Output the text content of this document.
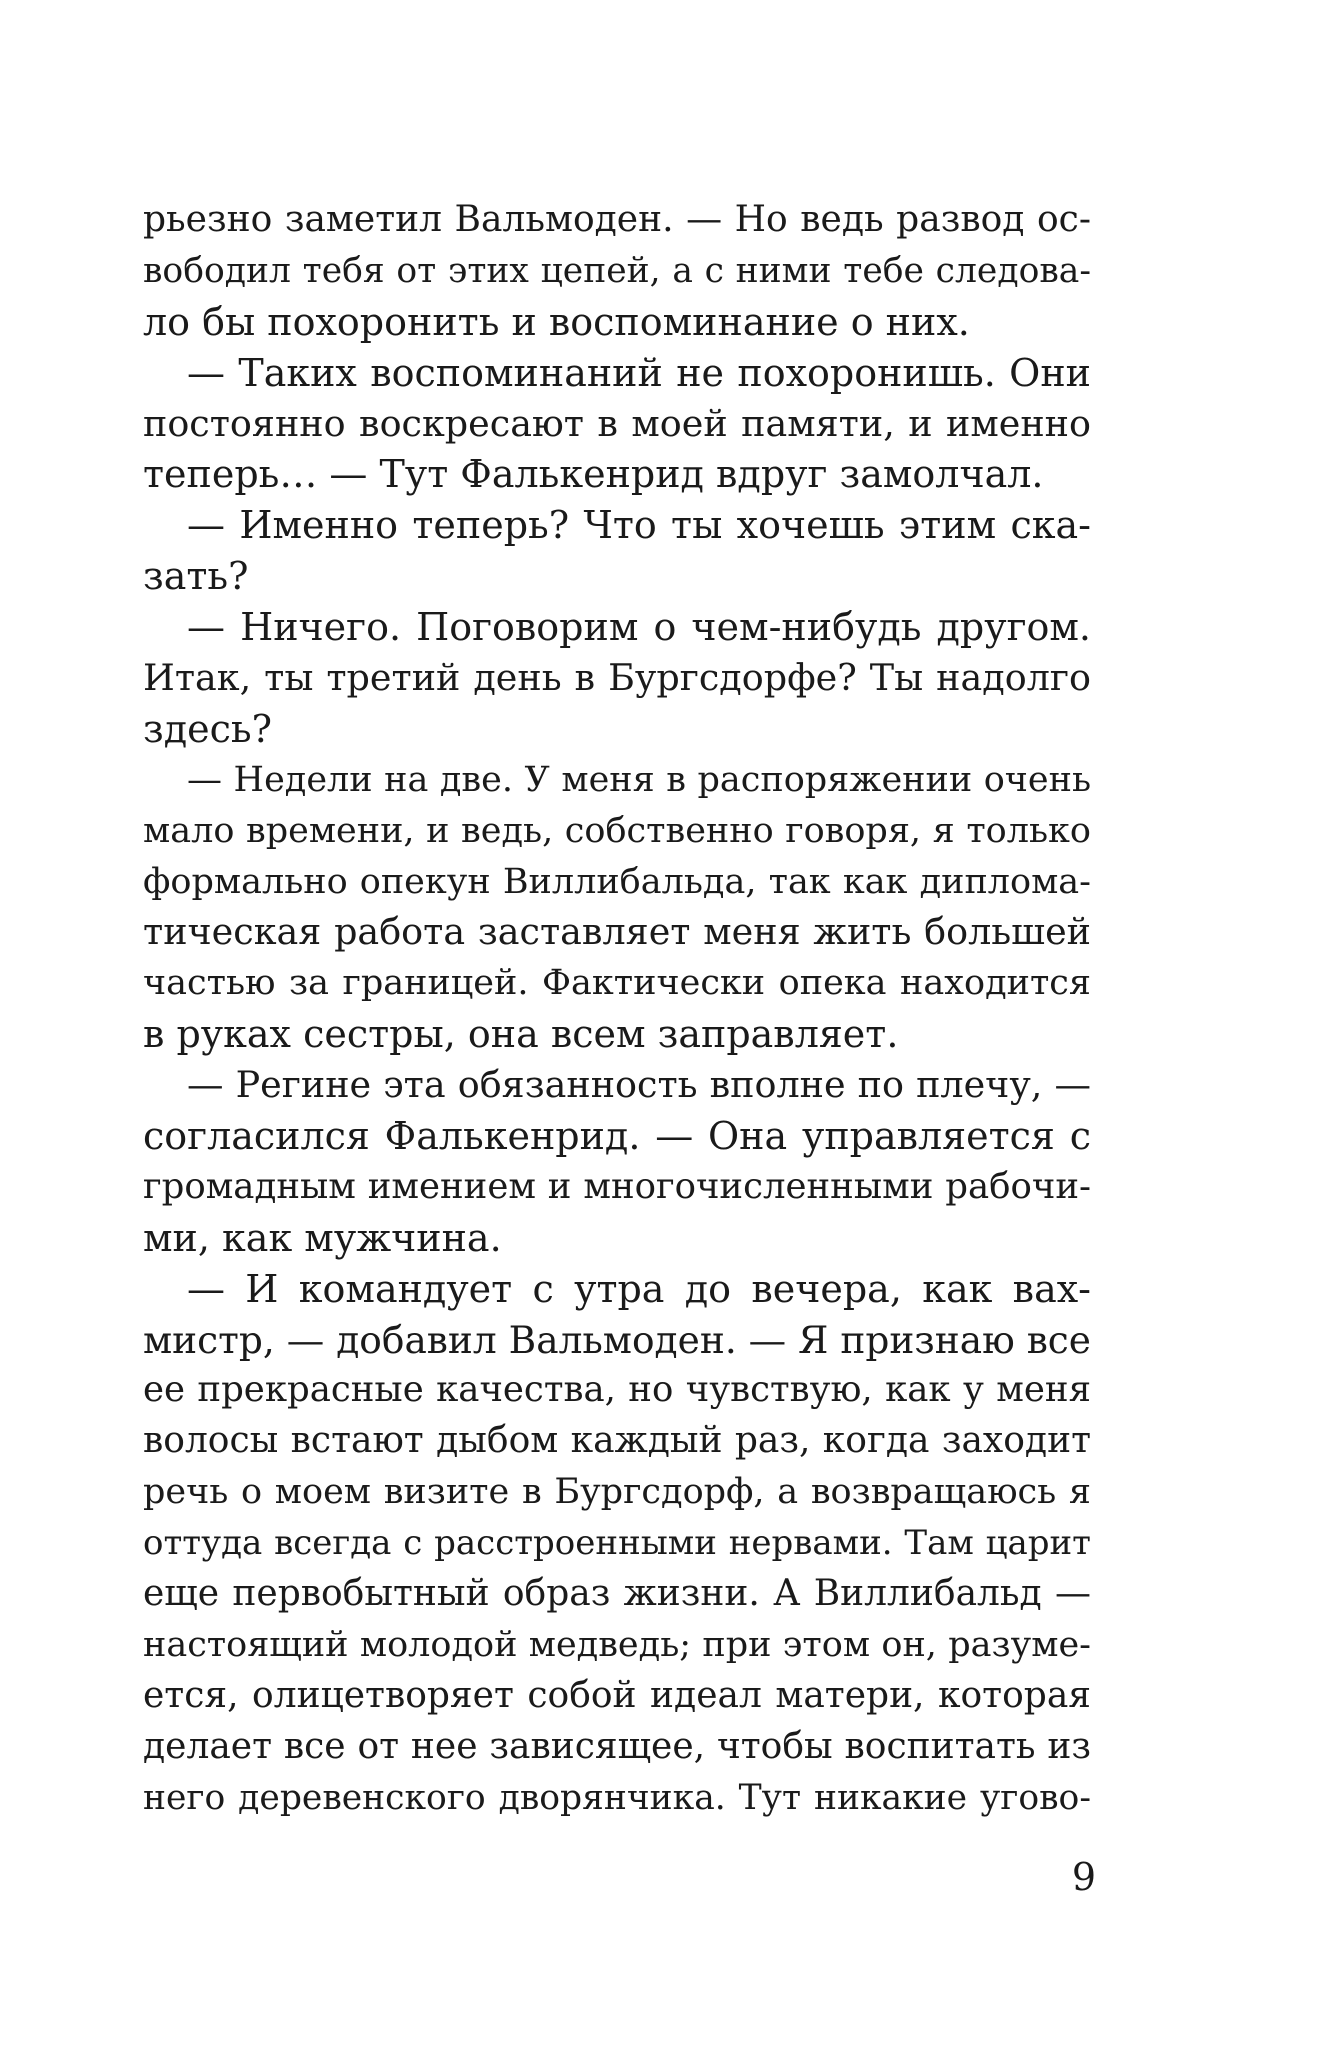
рьезно заметил Вальмоден. — Но ведь развод ос-
вободил тебя от этих цепей, а с ними тебе следова-
ло бы похоронить и воспоминание о них.
— Таких воспоминаний не похоронишь. Они
постоянно воскресают в моей памяти, и именно
теперь… — Тут Фалькенрид вдруг замолчал.
— Именно теперь? Что ты хочешь этим ска-
зать?
— Ничего. Поговорим о чем-нибудь другом.
Итак, ты третий день в Бургсдорфе? Ты надолго
здесь?
— Недели на две. У меня в распоряжении очень
мало времени, и ведь, собственно говоря, я только
формально опекун Виллибальда, так как диплома-
тическая работа заставляет меня жить большей
частью за границей. Фактически опека находится
в руках сестры, она всем заправляет.
— Регине эта обязанность вполне по плечу, —
согласился Фалькенрид. — Она управляется с
громадным имением и многочисленными рабочи-
ми, как мужчина.
— И командует с утра до вечера, как вах-
мистр, — добавил Вальмоден. — Я признаю все
ее прекрасные качества, но чувствую, как у меня
волосы встают дыбом каждый раз, когда заходит
речь о моем визите в Бургсдорф, а возвращаюсь я
оттуда всегда с расстроенными нервами. Там царит
еще первобытный образ жизни. А Виллибальд —
настоящий молодой медведь; при этом он, разуме-
ется, олицетворяет собой идеал матери, которая
делает все от нее зависящее, чтобы воспитать из
него деревенского дворянчика. Тут никакие угово-
9
